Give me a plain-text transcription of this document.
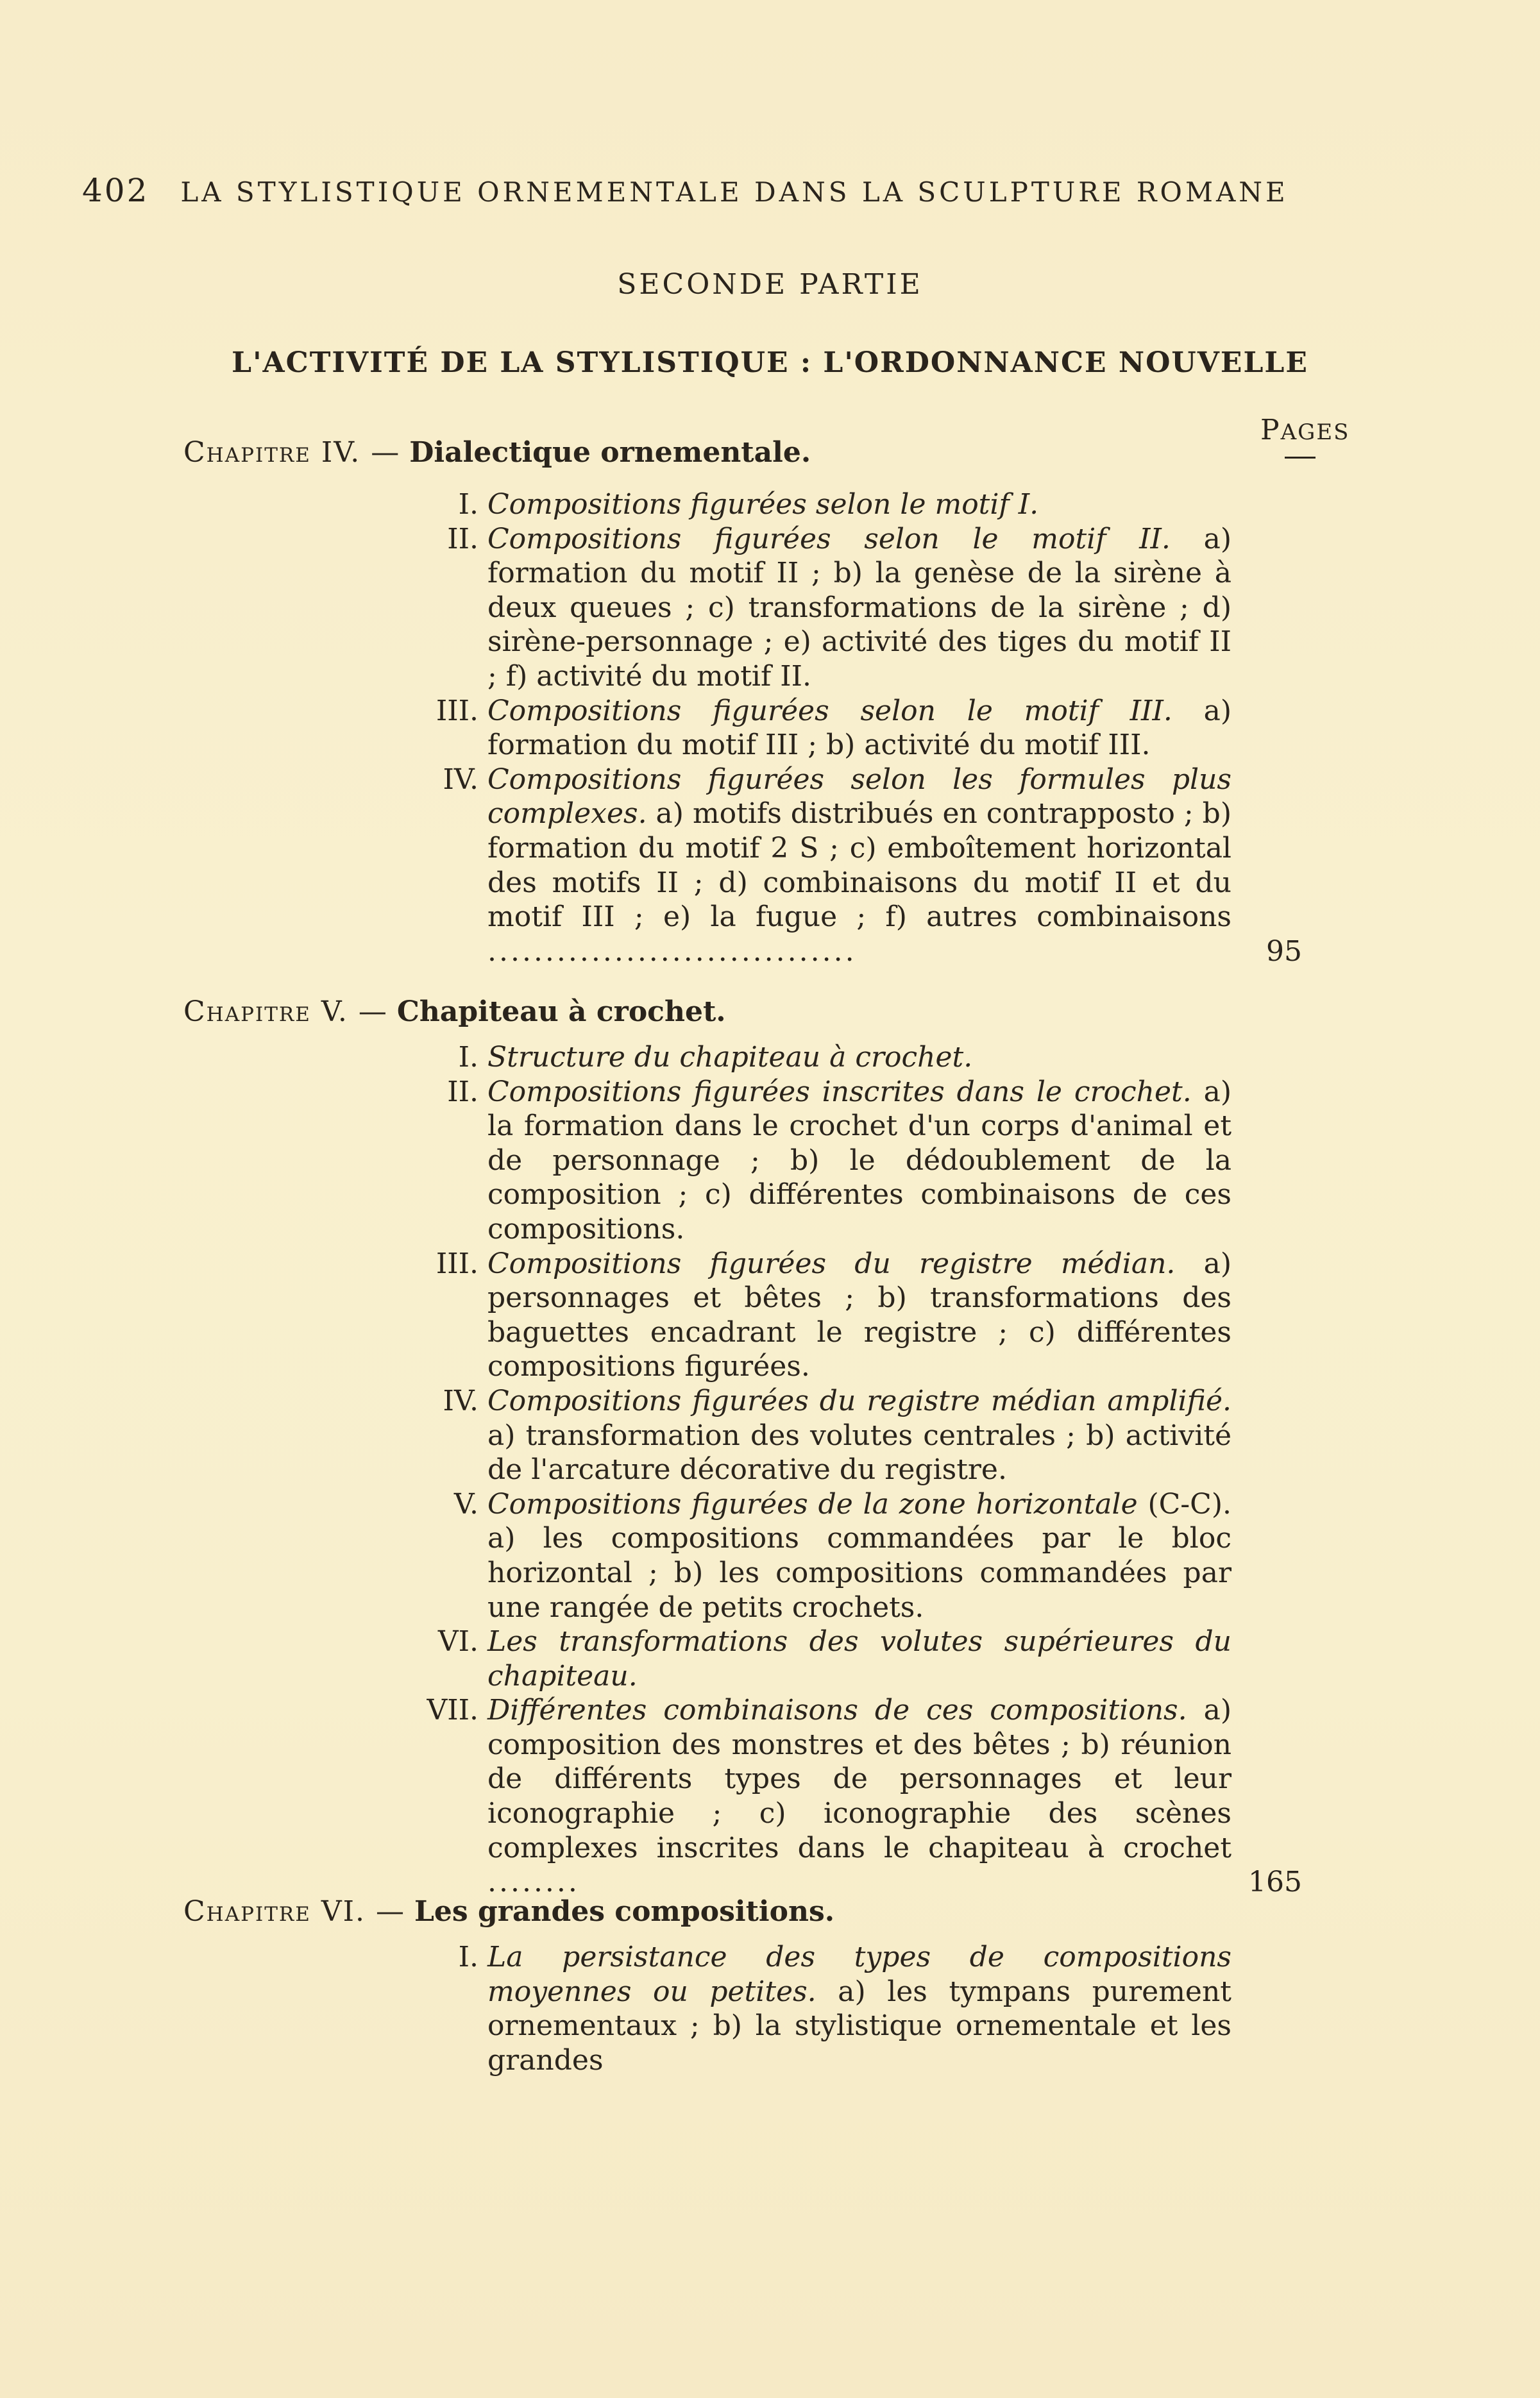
402 LA STYLISTIQUE ORNEMENTALE DANS LA SCULPTURE ROMANE
SECONDE PARTIE
L'ACTIVITÉ DE LA STYLISTIQUE : L'ORDONNANCE NOUVELLE
PAGES
Chapitre IV. — Dialectique ornementale.
I. Compositions figurées selon le motif I.
II. Compositions figurées selon le motif II. a) formation du motif II ; b) la genèse de la sirène à deux queues ; c) transformations de la sirène ; d) sirène-personnage ; e) activité des tiges du motif II ; f) activité du motif II.
III. Compositions figurées selon le motif III. a) formation du motif III ; b) activité du motif III.
IV. Compositions figurées selon les formules plus complexes. a) motifs distribués en contrapposto ; b) formation du motif 2 S ; c) emboîtement horizontal des motifs II ; d) combinaisons du motif II et du motif III ; e) la fugue ; f) autres combinaisons ................................	95
Chapitre V. — Chapiteau à crochet.
I. Structure du chapiteau à crochet.
II. Compositions figurées inscrites dans le crochet. a) la formation dans le crochet d'un corps d'animal et de personnage ; b) le dédoublement de la composition ; c) différentes combinaisons de ces compositions.
III. Compositions figurées du registre médian. a) personnages et bêtes ; b) transformations des baguettes encadrant le registre ; c) différentes compositions figurées.
IV. Compositions figurées du registre médian amplifié. a) transformation des volutes centrales ; b) activité de l'arcature décorative du registre.
V. Compositions figurées de la zone horizontale (C-C). a) les compositions commandées par le bloc horizontal ; b) les compositions commandées par une rangée de petits crochets.
VI. Les transformations des volutes supérieures du chapiteau.
VII. Différentes combinaisons de ces compositions. a) composition des monstres et des bêtes ; b) réunion de différents types de personnages et leur iconographie ; c) iconographie des scènes complexes inscrites dans le chapiteau à crochet ........	165
Chapitre VI. — Les grandes compositions.
I. La persistance des types de compositions moyennes ou petites. a) les tympans purement ornementaux ; b) la stylistique ornementale et les grandes
